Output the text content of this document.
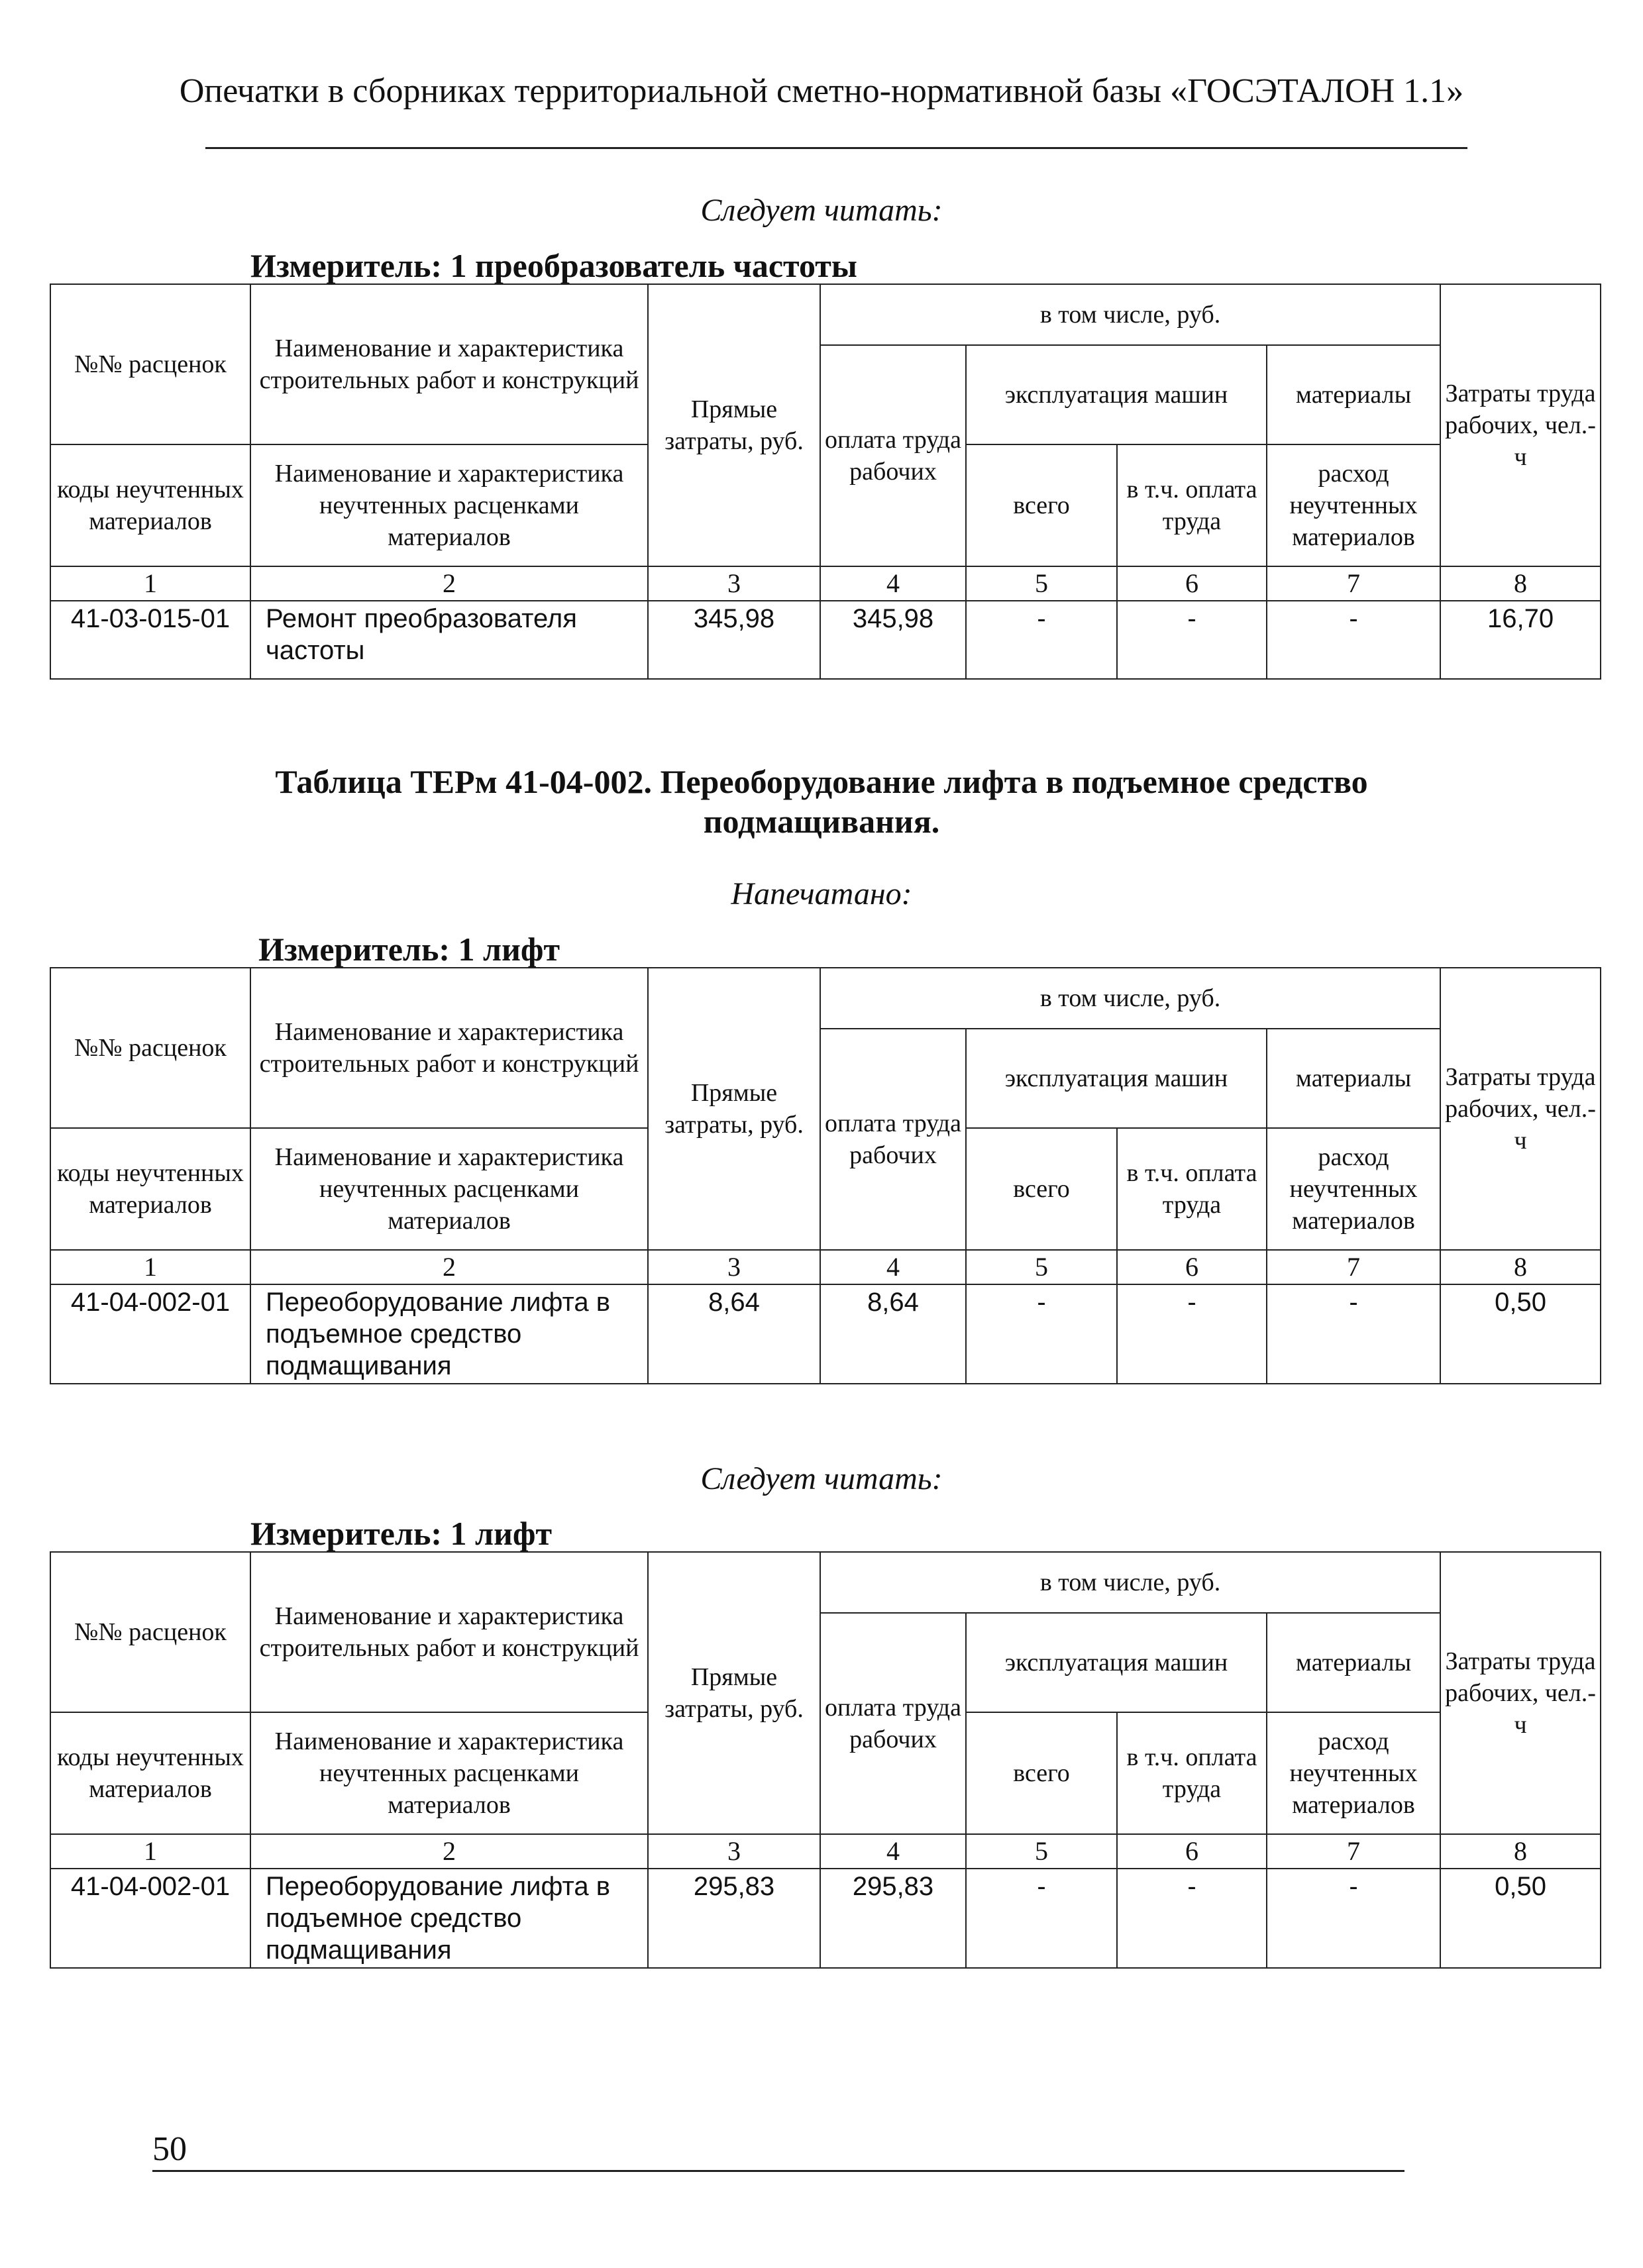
Опечатки в сборниках территориальной сметно-нормативной базы «ГОСЭТАЛОН 1.1»
Следует читать:
Измеритель: 1 преобразователь частоты
№№ расценок	Наименование и характеристика строительных работ и конструкций	Прямые затраты, руб.	в том числе, руб.				Затраты труда рабочих, чел.-ч
			оплата труда рабочих	эксплуатация машин		материалы	
коды неучтенных материалов	Наименование и характеристика неучтенных расценками материалов			всего	в т.ч. оплата труда	расход неучтенных материалов	

1	2	3	4	5	6	7	8
41-03-015-01	Ремонт преобразователя частоты	345,98	345,98	-	-	-	16,70
Таблица ТЕРм 41-04-002. Переоборудование лифта в подъемное средство подмащивания.
Напечатано:
Измеритель: 1 лифт
№№ расценок	Наименование и характеристика строительных работ и конструкций	Прямые затраты, руб.	в том числе, руб.				Затраты труда рабочих, чел.-ч
			оплата труда рабочих	эксплуатация машин		материалы	
коды неучтенных материалов	Наименование и характеристика неучтенных расценками материалов			всего	в т.ч. оплата труда	расход неучтенных материалов	

1	2	3	4	5	6	7	8
41-04-002-01	Переоборудование лифта в подъемное средство подмащивания	8,64	8,64	-	-	-	0,50
Следует читать:
Измеритель: 1 лифт
№№ расценок	Наименование и характеристика строительных работ и конструкций	Прямые затраты, руб.	в том числе, руб.				Затраты труда рабочих, чел.-ч
			оплата труда рабочих	эксплуатация машин		материалы	
коды неучтенных материалов	Наименование и характеристика неучтенных расценками материалов			всего	в т.ч. оплата труда	расход неучтенных материалов	

1	2	3	4	5	6	7	8
41-04-002-01	Переоборудование лифта в подъемное средство подмащивания	295,83	295,83	-	-	-	0,50
50
